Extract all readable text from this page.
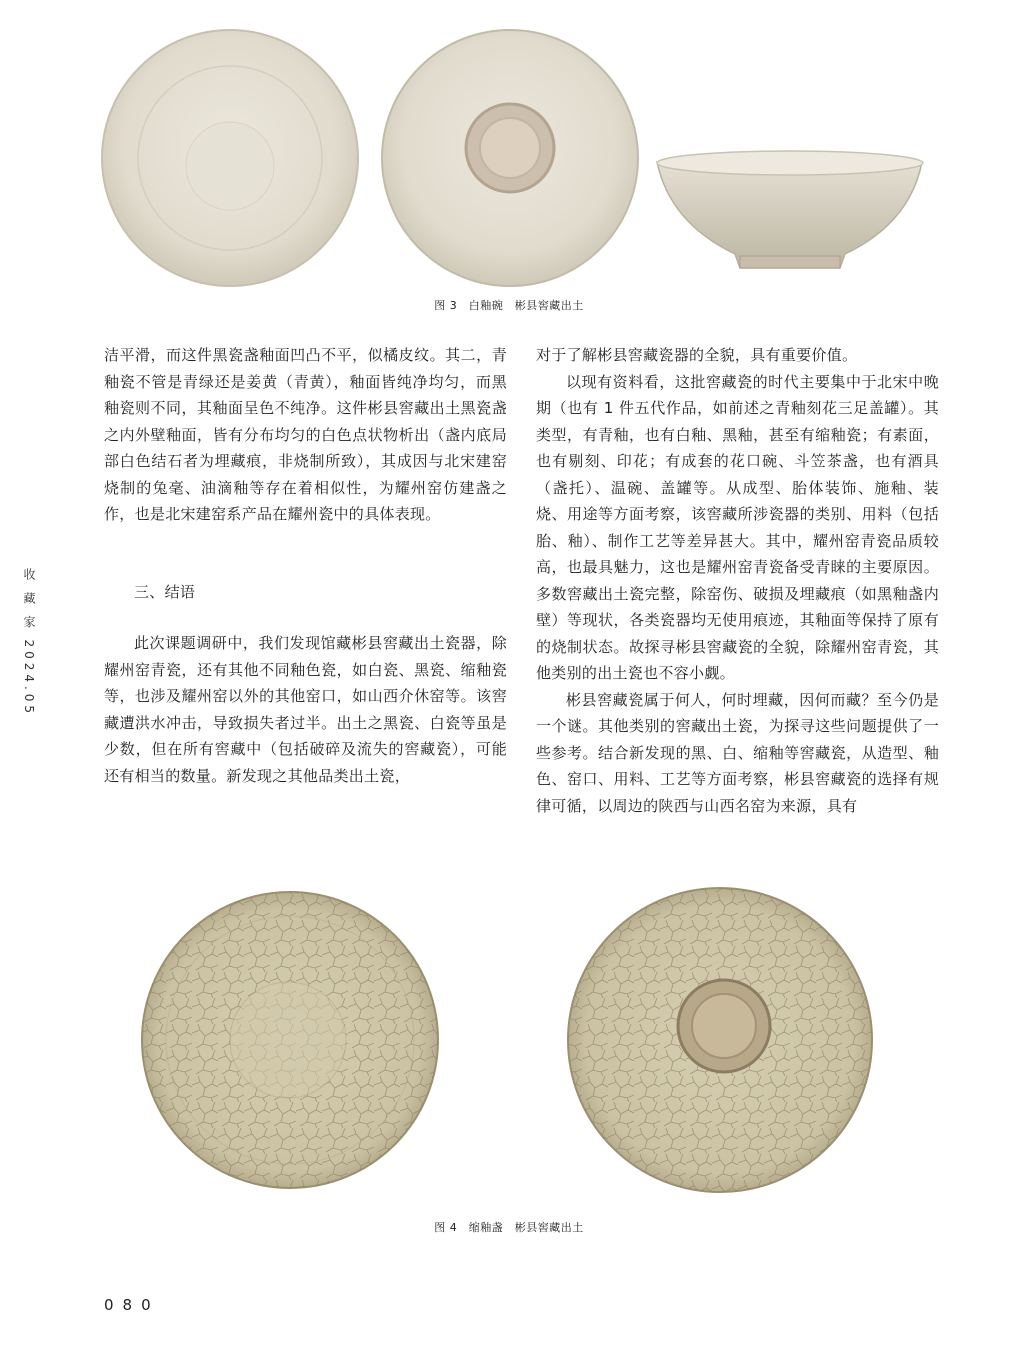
图 3　白釉碗　彬县窖藏出土

洁平滑，而这件黑瓷盏釉面凹凸不平，似橘皮纹。其二，青釉瓷不管是青绿还是姜黄（青黄），釉面皆纯净均匀，而黑釉瓷则不同，其釉面呈色不纯净。这件彬县窖藏出土黑瓷盏之内外壁釉面，皆有分布均匀的白色点状物析出（盏内底局部白色结石者为埋藏痕，非烧制所致），其成因与北宋建窑烧制的兔毫、油滴釉等存在着相似性，为耀州窑仿建盏之作，也是北宋建窑系产品在耀州瓷中的具体表现。

三、结语

此次课题调研中，我们发现馆藏彬县窖藏出土瓷器，除耀州窑青瓷，还有其他不同釉色瓷，如白瓷、黑瓷、缩釉瓷等，也涉及耀州窑以外的其他窑口，如山西介休窑等。该窖藏遭洪水冲击，导致损失者过半。出土之黑瓷、白瓷等虽是少数，但在所有窖藏中（包括破碎及流失的窖藏瓷），可能还有相当的数量。新发现之其他品类出土瓷，

对于了解彬县窖藏瓷器的全貌，具有重要价值。

以现有资料看，这批窖藏瓷的时代主要集中于北宋中晚期（也有 1 件五代作品，如前述之青釉刻花三足盖罐）。其类型，有青釉，也有白釉、黑釉，甚至有缩釉瓷；有素面，也有剔刻、印花；有成套的花口碗、斗笠茶盏，也有酒具（盏托）、温碗、盖罐等。从成型、胎体装饰、施釉、装烧、用途等方面考察，该窖藏所涉瓷器的类别、用料（包括胎、釉）、制作工艺等差异甚大。其中，耀州窑青瓷品质较高，也最具魅力，这也是耀州窑青瓷备受青睐的主要原因。多数窖藏出土瓷完整，除窑伤、破损及埋藏痕（如黑釉盏内壁）等现状，各类瓷器均无使用痕迹，其釉面等保持了原有的烧制状态。故探寻彬县窖藏瓷的全貌，除耀州窑青瓷，其他类别的出土瓷也不容小觑。

彬县窖藏瓷属于何人，何时埋藏，因何而藏？至今仍是一个谜。其他类别的窖藏出土瓷，为探寻这些问题提供了一些参考。结合新发现的黑、白、缩釉等窖藏瓷，从造型、釉色、窑口、用料、工艺等方面考察，彬县窖藏瓷的选择有规律可循，以周边的陕西与山西名窑为来源，具有

图 4　缩釉盏　彬县窖藏出土
收 藏 家 2024.05
080
